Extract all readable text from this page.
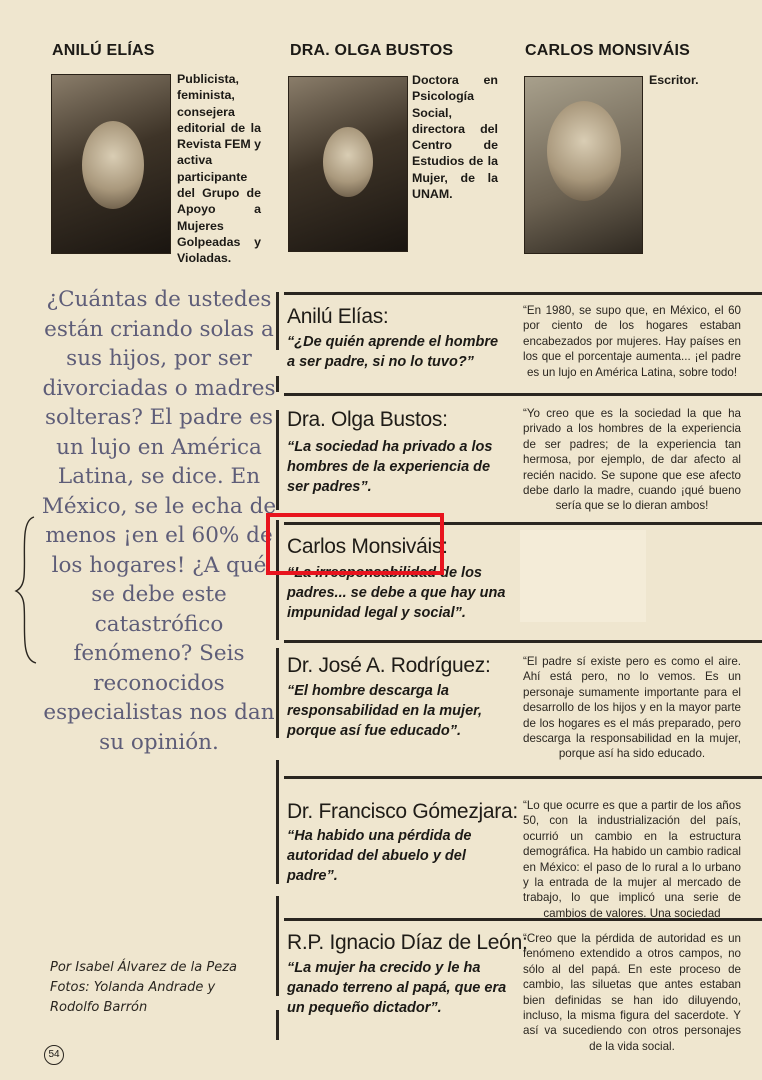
ANILÚ ELÍAS
Publicista, feminista, consejera editorial de la Revista FEM y activa participante del Grupo de Apoyo a Mujeres Golpeadas y Violadas.
DRA. OLGA BUSTOS
Doctora en Psicología Social, directora del Centro de Estudios de la Mujer, de la UNAM.
CARLOS MONSIVÁIS
Escritor.
¿Cuántas de ustedes están criando solas a sus hijos, por ser divorciadas o madres solteras? El padre es un lujo en América Latina, se dice. En México, se le echa de menos ¡en el 60% de los hogares! ¿A qué se debe este catastrófico fenómeno? Seis reconocidos especialistas nos dan su opinión.
Por Isabel Álvarez de la Peza
Fotos: Yolanda Andrade y
Rodolfo Barrón
54
Anilú Elías:
“¿De quién aprende el hombre a ser padre, si no lo tuvo?”
“En 1980, se supo que, en México, el 60 por ciento de los hogares estaban encabezados por mujeres. Hay países en los que el porcentaje aumenta... ¡el padre es un lujo en América Latina, sobre todo!
Dra. Olga Bustos:
“La sociedad ha privado a los hombres de la experiencia de ser padres”.
“Yo creo que es la sociedad la que ha privado a los hombres de la experiencia de ser padres; de la experiencia tan hermosa, por ejemplo, de dar afecto al recién nacido. Se supone que ese afecto debe darlo la madre, cuando ¡qué bueno sería que se lo dieran ambos!
Carlos Monsiváis:
“La irresponsabilidad de los padres... se debe a que hay una impunidad legal y social”.
Dr. José A. Rodríguez:
“El hombre descarga la responsabilidad en la mujer, porque así fue educado”.
“El padre sí existe pero es como el aire. Ahí está pero, no lo vemos. Es un personaje sumamente importante para el desarrollo de los hijos y en la mayor parte de los hogares es el más preparado, pero descarga la responsabilidad en la mujer, porque así ha sido educado.
Dr. Francisco Gómezjara:
“Ha habido una pérdida de autoridad del abuelo y del padre”.
“Lo que ocurre es que a partir de los años 50, con la industrialización del país, ocurrió un cambio en la estructura demográfica. Ha habido un cambio radical en México: el paso de lo rural a lo urbano y la entrada de la mujer al mercado de trabajo, lo que implicó una serie de cambios de valores. Una sociedad
R.P. Ignacio Díaz de León:
“La mujer ha crecido y le ha ganado terreno al papá, que era un pequeño dictador”.
“Creo que la pérdida de autoridad es un fenómeno extendido a otros campos, no sólo al del papá. En este proceso de cambio, las siluetas que antes estaban bien definidas se han ido diluyendo, incluso, la misma figura del sacerdote. Y así va sucediendo con otros personajes de la vida social.
